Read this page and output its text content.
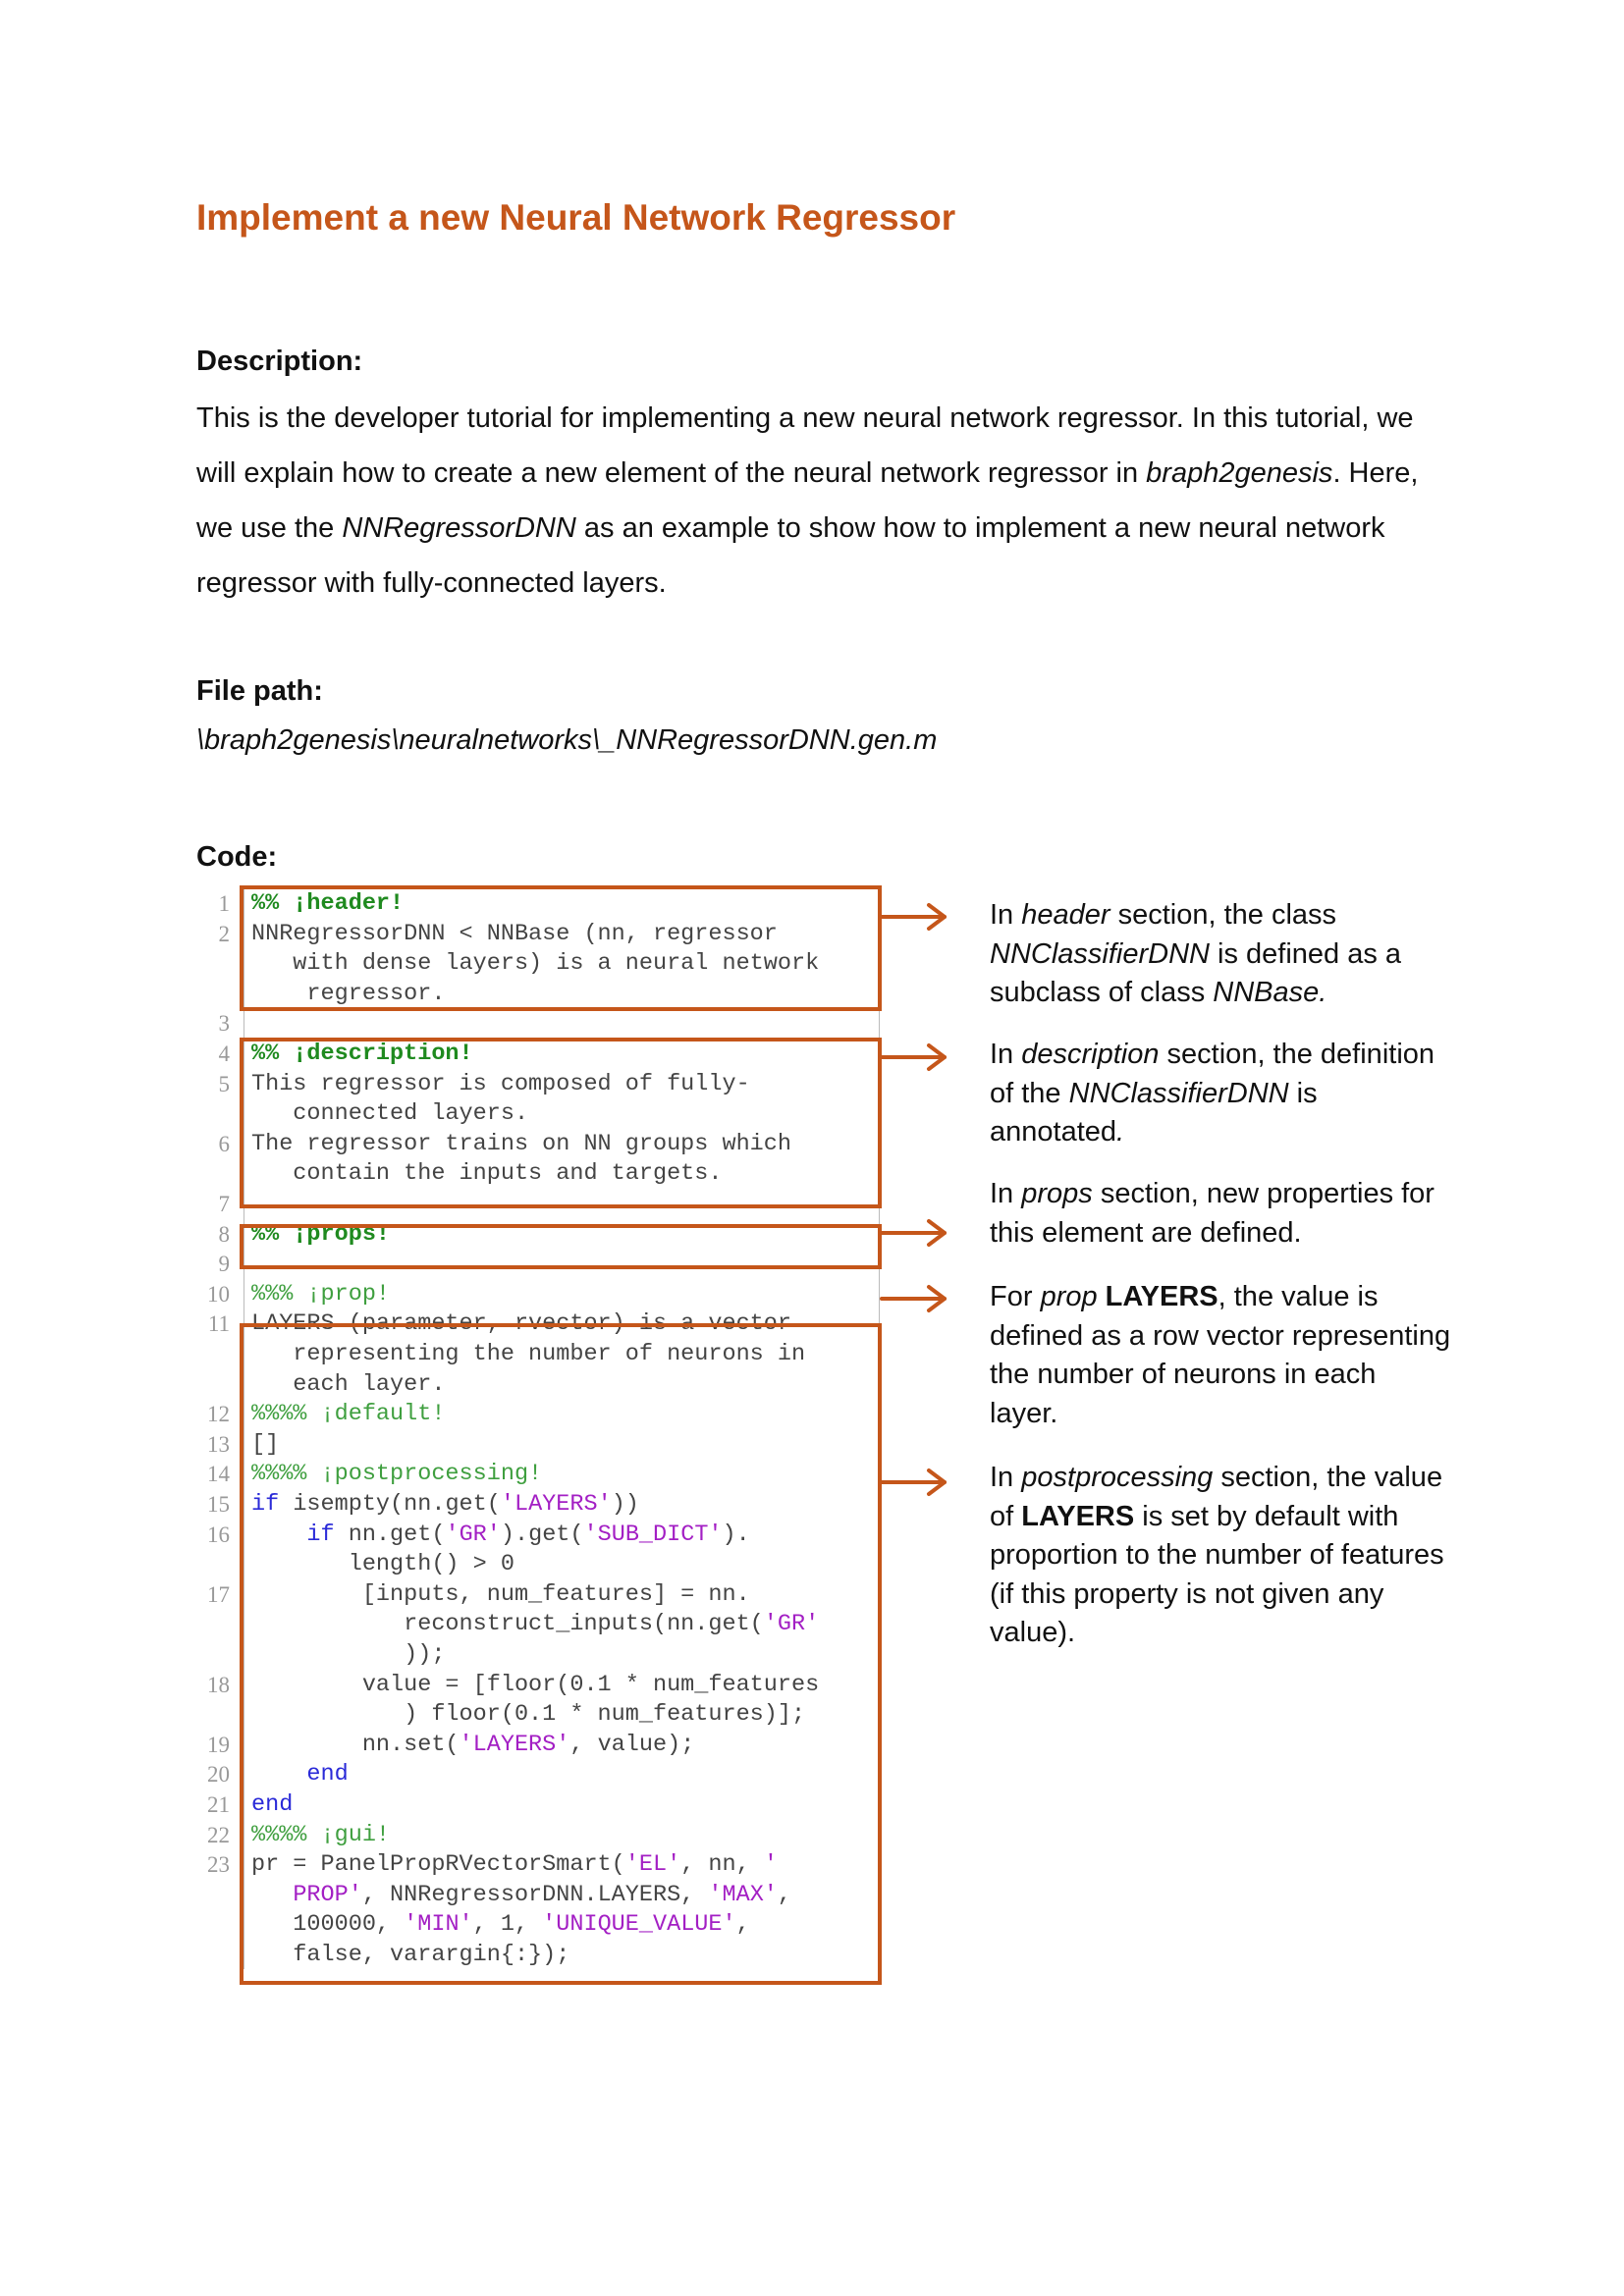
Implement a new Neural Network Regressor
Description:

This is the developer tutorial for implementing a new neural network regressor. In this tutorial, we will explain how to create a new element of the neural network regressor in braph2genesis. Here, we use the NNRegressorDNN as an example to show how to implement a new neural network regressor with fully-connected layers.

File path:

\braph2genesis\neuralnetworks\_NNRegressorDNN.gen.m

Code:
1 %% ¡header!
2 NNRegressorDNN < NNBase (nn, regressor
with dense layers) is a neural network
regressor.
3
4 %% ¡description!
5 This regressor is composed of fully-
connected layers.
6 The regressor trains on NN groups which
contain the inputs and targets.
7
8 %% ¡props!
9
10 %%% ¡prop!
11 LAYERS (parameter, rvector) is a vector
representing the number of neurons in
each layer.
12 %%%% ¡default!
13 []
14 %%%% ¡postprocessing!
15 if isempty(nn.get('LAYERS'))
16	if nn.get('GR').get('SUB_DICT').
length() > 0
17 [inputs, num_features] = nn.
reconstruct_inputs(nn.get('GR'
));
18 value = [floor(0.1 * num_features
) floor(0.1 * num_features)];
19 nn.set('LAYERS', value);
20	end
21 end
22 %%%% ¡gui!
23 pr = PanelPropRVectorSmart('EL', nn, '
PROP', NNRegressorDNN.LAYERS, 'MAX',
100000, 'MIN', 1, 'UNIQUE_VALUE',
false, varargin{:});

In header section, the class NNClassifierDNN is defined as a subclass of class NNBase.

In description section, the definition of the NNClassifierDNN is annotated.

In props section, new properties for this element are defined.

For prop LAYERS, the value is defined as a row vector representing the number of neurons in each layer.

In postprocessing section, the value of LAYERS is set by default with proportion to the number of features (if this property is not given any value).
